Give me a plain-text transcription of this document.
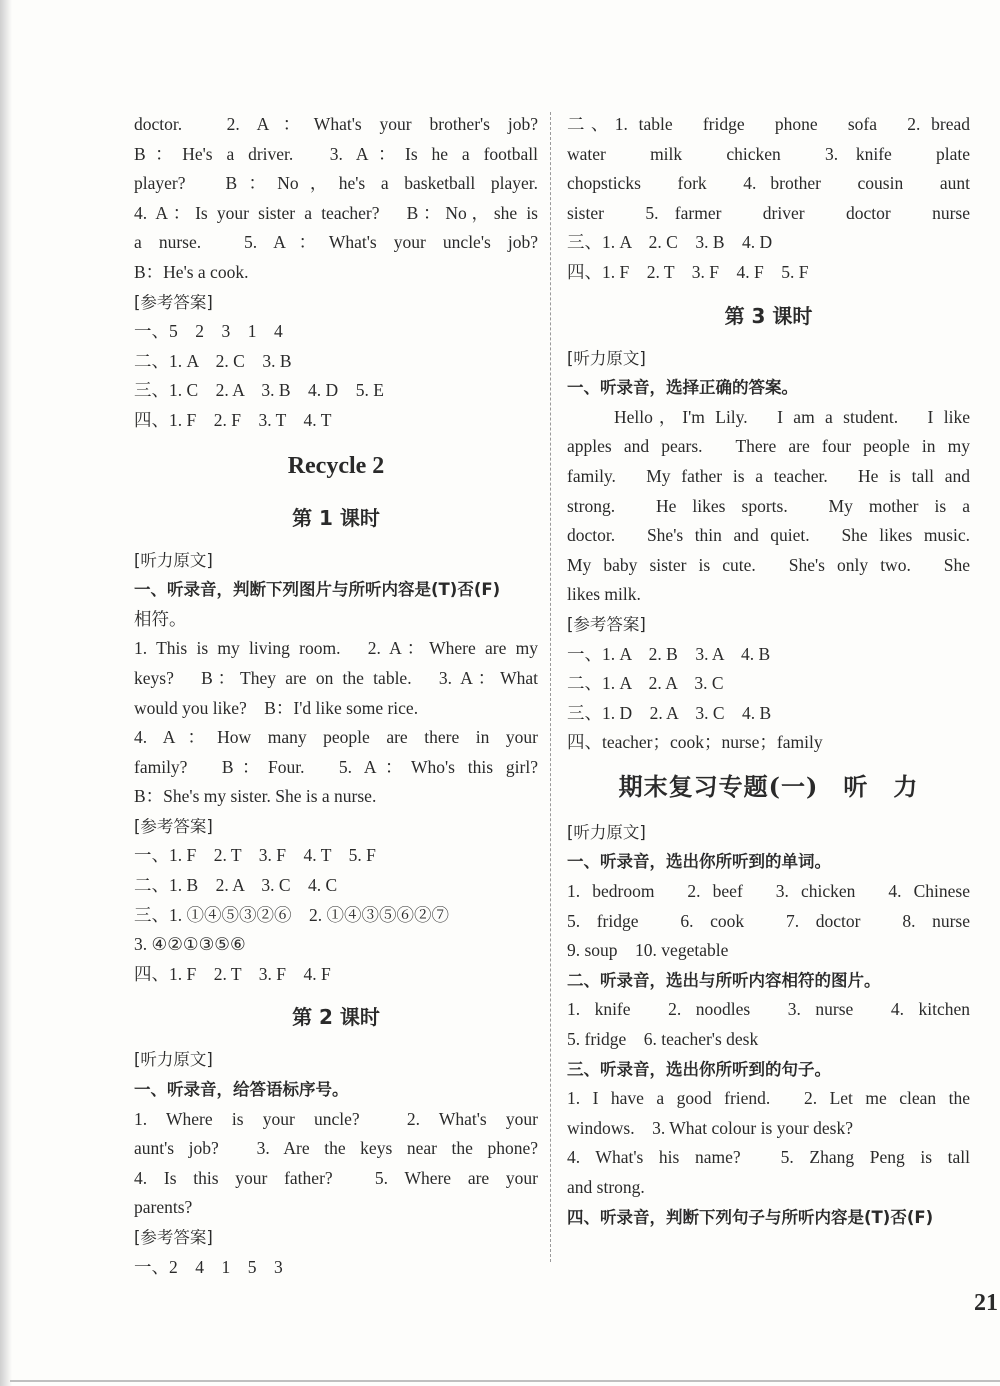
doctor.　2. A：What's your brother's job?
B：He's a driver.　3. A：Is he a football
player?　B：No，he's a basketball player.
4. A：Is your sister a teacher?　B：No，she is
a nurse.　5. A：What's your uncle's job?
B：He's a cook.
[参考答案]
一、5　2　3　1　4
二、1. A　2. C　3. B
三、1. C　2. A　3. B　4. D　5. E
四、1. F　2. F　3. T　4. T
Recycle 2
第 1 课时
[听力原文]
一、听录音，判断下列图片与所听内容是(T)否(F)
相符。
1. This is my living room.　2. A：Where are my
keys?　B：They are on the table.　3. A：What
would you like?　B：I'd like some rice.
4. A：How many people are there in your
family?　B：Four.　5. A：Who's this girl?
B：She's my sister. She is a nurse.
[参考答案]
一、1. F　2. T　3. F　4. T　5. F
二、1. B　2. A　3. C　4. C
三、1. ①④⑤③②⑥　2. ①④③⑤⑥②⑦
3. ④②①③⑤⑥
四、1. F　2. T　3. F　4. F
第 2 课时
[听力原文]
一、听录音，给答语标序号。
1. Where is your uncle?　2. What's your
aunt's job?　3. Are the keys near the phone?
4. Is this your father?　5. Where are your
parents?
[参考答案]
一、2　4　1　5　3
二、1. table　fridge　phone　sofa　2. bread
water　milk　chicken　3. knife　plate
chopsticks　fork　4. brother　cousin　aunt
sister　5. farmer　driver　doctor　nurse
三、1. A　2. C　3. B　4. D
四、1. F　2. T　3. F　4. F　5. F
第 3 课时
[听力原文]
一、听录音，选择正确的答案。
　　Hello，I'm Lily.　I am a student.　I like
apples and pears.　There are four people in my
family.　My father is a teacher.　He is tall and
strong.　He likes sports.　My mother is a
doctor.　She's thin and quiet.　She likes music.
My baby sister is cute.　She's only two.　She
likes milk.
[参考答案]
一、1. A　2. B　3. A　4. B
二、1. A　2. A　3. C
三、1. D　2. A　3. C　4. B
四、teacher；cook；nurse；family
期末复习专题(一)　听　力
[听力原文]
一、听录音，选出你所听到的单词。
1. bedroom　2. beef　3. chicken　4. Chinese
5. fridge　6. cook　7. doctor　8. nurse
9. soup　10. vegetable
二、听录音，选出与所听内容相符的图片。
1. knife　2. noodles　3. nurse　4. kitchen
5. fridge　6. teacher's desk
三、听录音，选出你所听到的句子。
1. I have a good friend.　2. Let me clean the
windows.　3. What colour is your desk?
4. What's his name?　5. Zhang Peng is tall
and strong.
四、听录音，判断下列句子与所听内容是(T)否(F)
21
